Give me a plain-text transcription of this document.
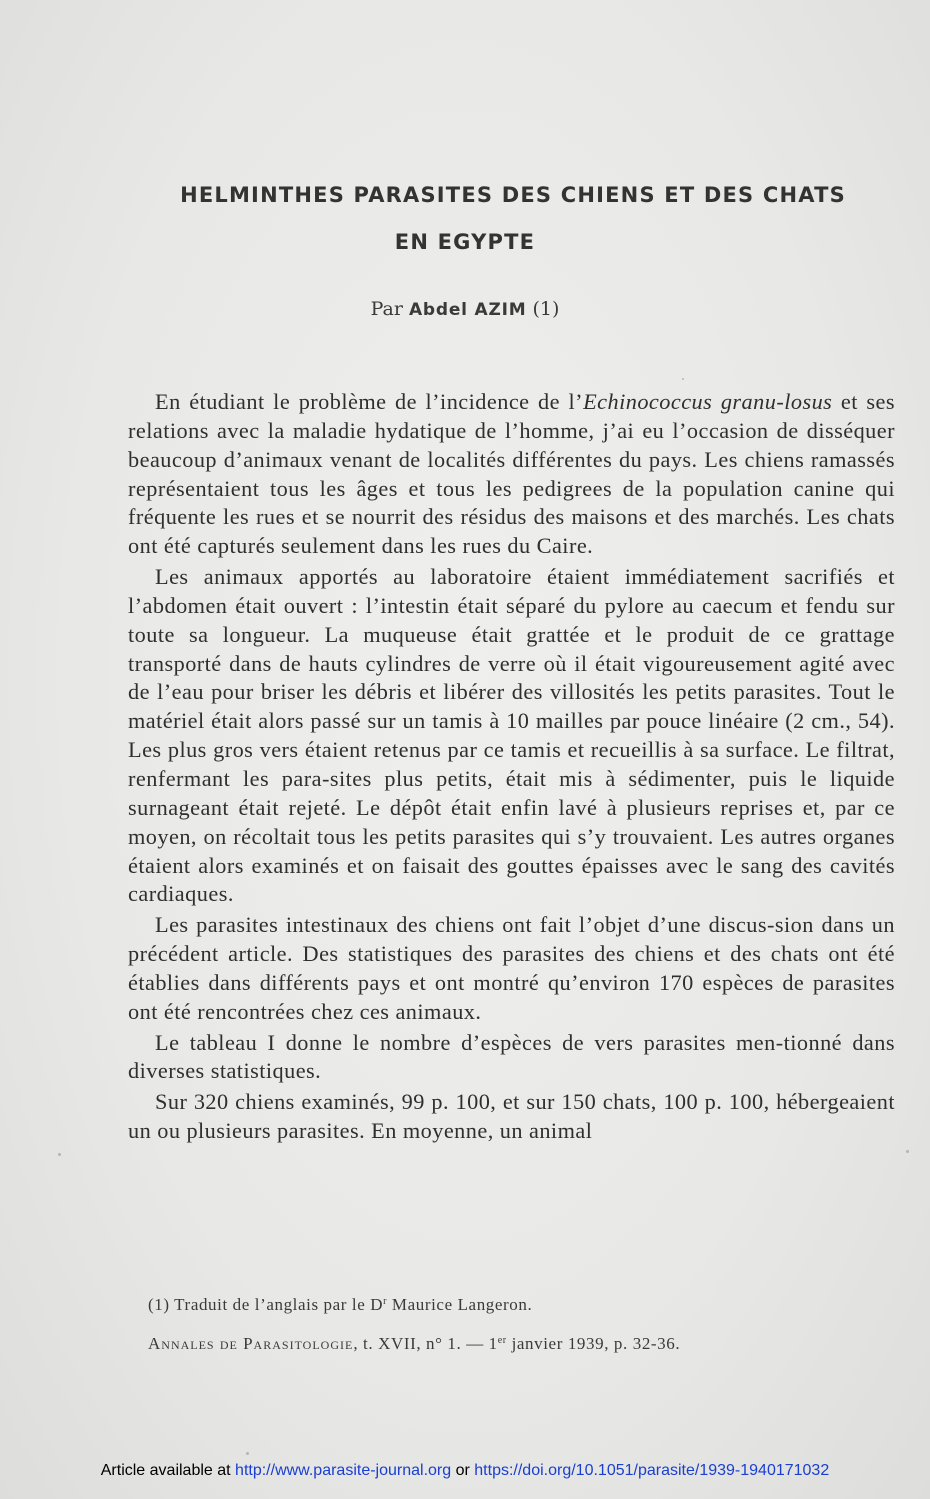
HELMINTHES PARASITES DES CHIENS ET DES CHATS
EN EGYPTE
Par Abdel AZIM (1)

En étudiant le problème de l’incidence de l’Echinococcus granu-losus et ses relations avec la maladie hydatique de l’homme, j’ai eu l’occasion de disséquer beaucoup d’animaux venant de localités différentes du pays. Les chiens ramassés représentaient tous les âges et tous les pedigrees de la population canine qui fréquente les rues et se nourrit des résidus des maisons et des marchés. Les chats ont été capturés seulement dans les rues du Caire.

Les animaux apportés au laboratoire étaient immédiatement sacrifiés et l’abdomen était ouvert : l’intestin était séparé du pylore au caecum et fendu sur toute sa longueur. La muqueuse était grattée et le produit de ce grattage transporté dans de hauts cylindres de verre où il était vigoureusement agité avec de l’eau pour briser les débris et libérer des villosités les petits parasites. Tout le matériel était alors passé sur un tamis à 10 mailles par pouce linéaire (2 cm., 54). Les plus gros vers étaient retenus par ce tamis et recueillis à sa surface. Le filtrat, renfermant les para-sites plus petits, était mis à sédimenter, puis le liquide surnageant était rejeté. Le dépôt était enfin lavé à plusieurs reprises et, par ce moyen, on récoltait tous les petits parasites qui s’y trouvaient. Les autres organes étaient alors examinés et on faisait des gouttes épaisses avec le sang des cavités cardiaques.

Les parasites intestinaux des chiens ont fait l’objet d’une discus-sion dans un précédent article. Des statistiques des parasites des chiens et des chats ont été établies dans différents pays et ont montré qu’environ 170 espèces de parasites ont été rencontrées chez ces animaux.

Le tableau I donne le nombre d’espèces de vers parasites men-tionné dans diverses statistiques.

Sur 320 chiens examinés, 99 p. 100, et sur 150 chats, 100 p. 100, hébergeaient un ou plusieurs parasites. En moyenne, un animal

(1) Traduit de l’anglais par le $D^r$ Maurice Langeron.
Annales de Parasitologie, t. XVII, n° 1. — 1er janvier 1939, p. 32-36.
Article available at http://www.parasite-journal.org or https://doi.org/10.1051/parasite/1939-1940171032
